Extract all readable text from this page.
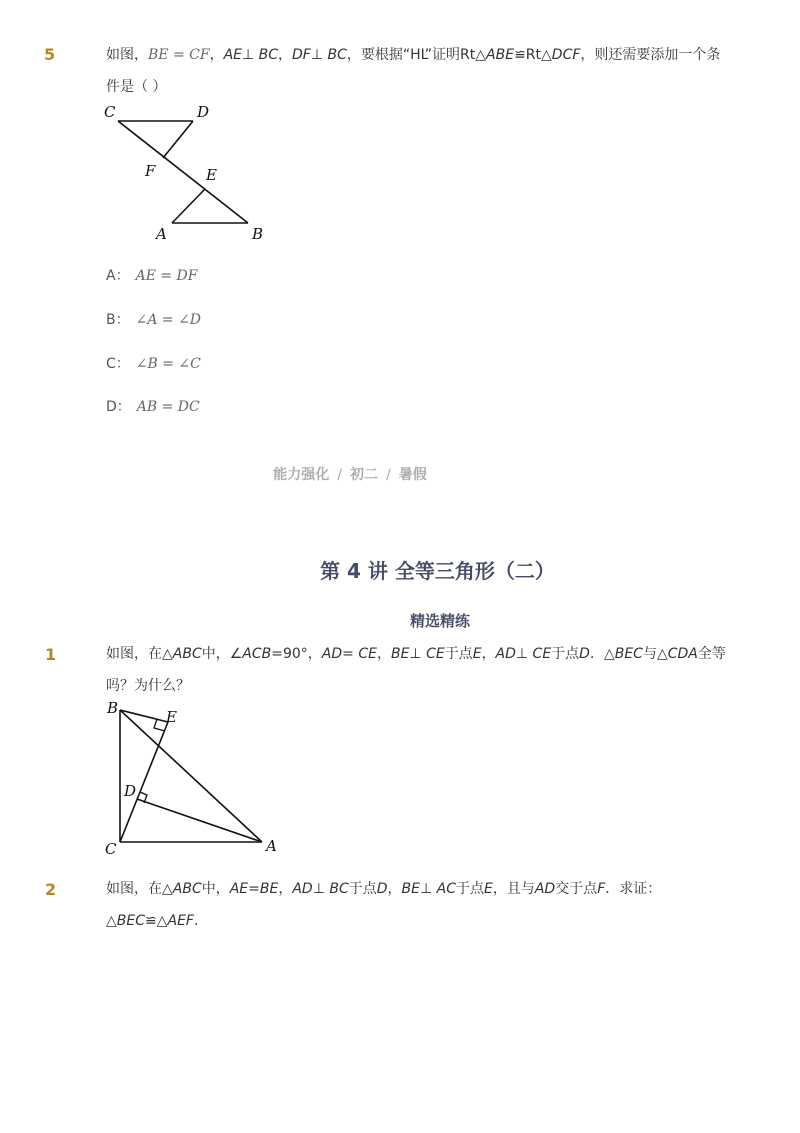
5	如图，BE = CF，AE⊥ BC，DF⊥ BC，要根据“HL”证明Rt△ABE≌Rt△DCF，则还需要添加一个条
件是（ ）
C	D
F	E
A	B
A： AE = DF
B： ∠A = ∠D
C： ∠B = ∠C
D： AB = DC
能力强化 / 初二 / 暑假
第 4 讲 全等三角形（二）
精选精练
1	如图，在△ABC中，∠ACB=90°，AD= CE，BE⊥ CE于点E，AD⊥ CE于点D．△BEC与△CDA全等
吗？为什么？
B	E
D
C	A
2	如图，在△ABC中，AE=BE，AD⊥ BC于点D，BE⊥ AC于点E，且与AD交于点F．求证：
△BEC≌△AEF.
